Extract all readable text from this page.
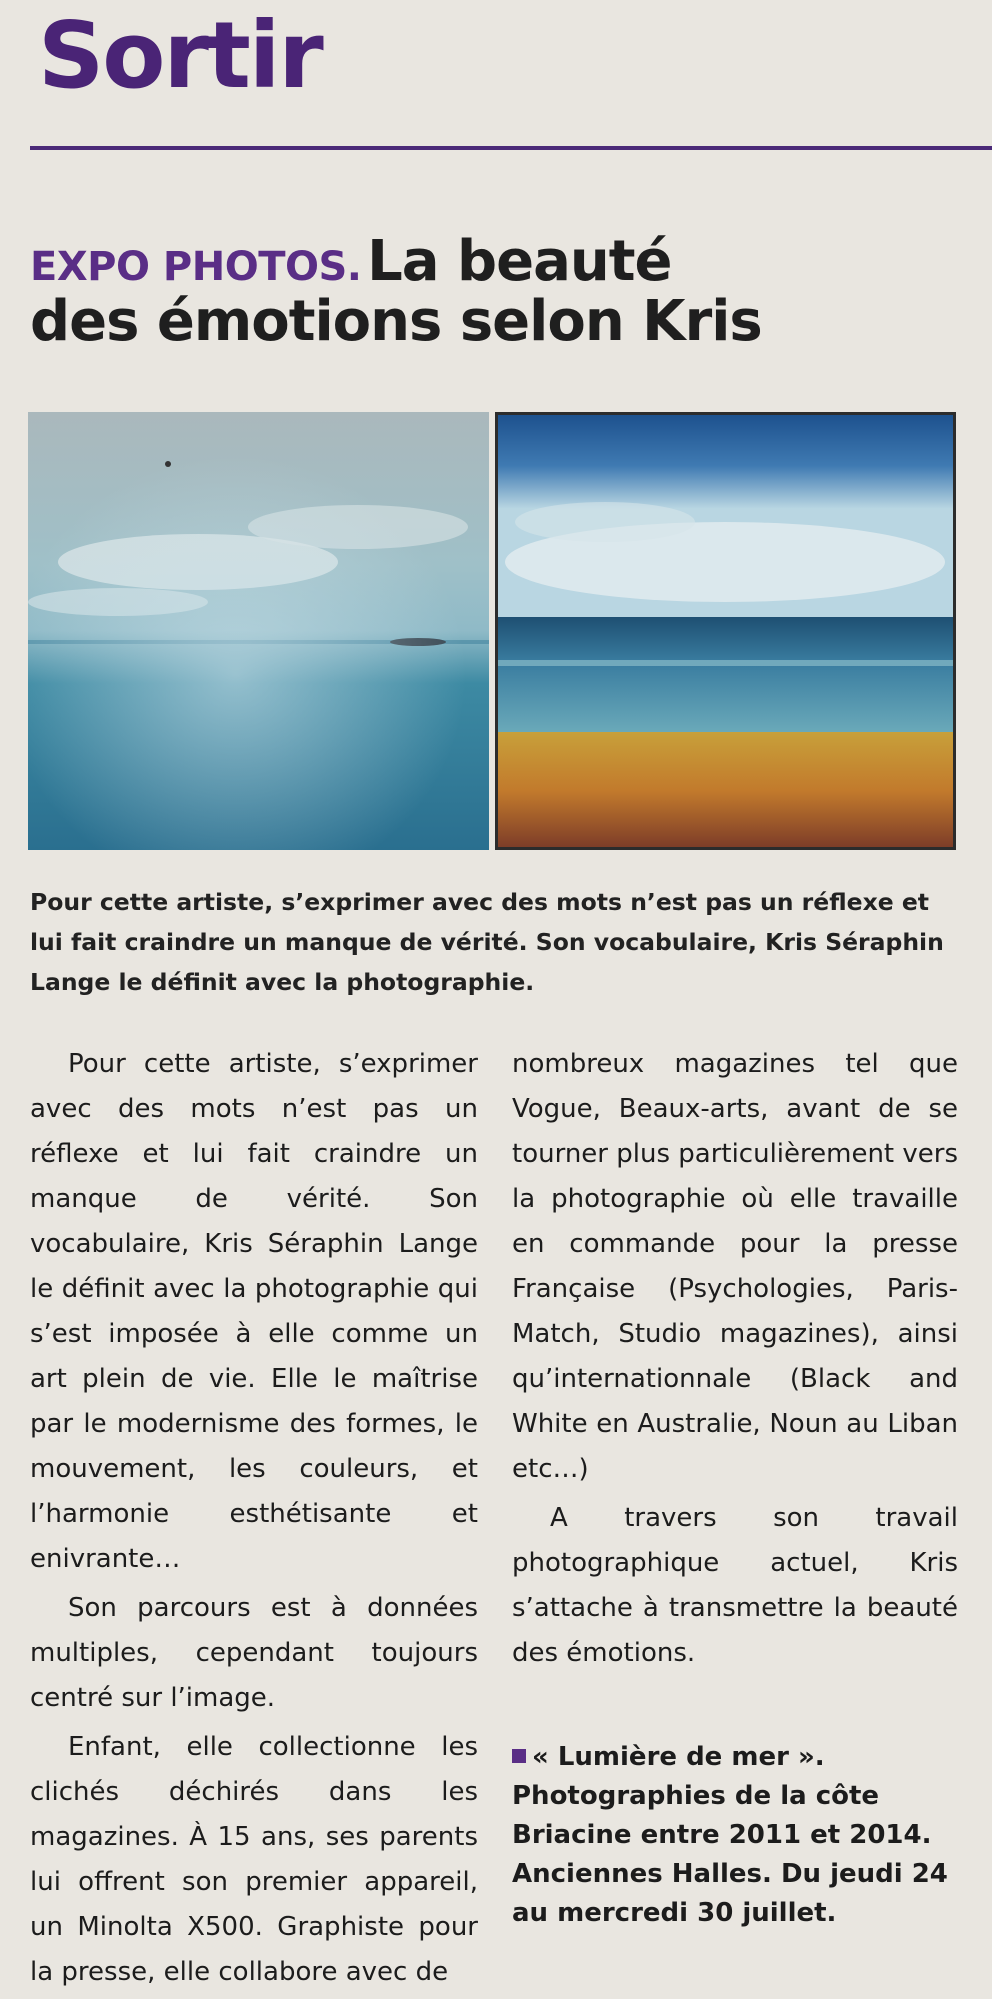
Sortir
EXPO PHOTOS. La beauté
des émotions selon Kris
Pour cette artiste, s’exprimer avec des mots n’est pas un réflexe et lui fait craindre un manque de vérité. Son vocabulaire, Kris Séraphin Lange le définit avec la photographie.

Pour cette artiste, s’exprimer avec des mots n’est pas un réflexe et lui fait craindre un manque de vérité. Son vocabulaire, Kris Séraphin Lange le définit avec la photographie qui s’est imposée à elle comme un art plein de vie. Elle le maîtrise par le modernisme des formes, le mouvement, les couleurs, et l’harmonie esthétisante et enivrante…

Son parcours est à données multiples, cependant toujours centré sur l’image.

Enfant, elle collectionne les clichés déchirés dans les magazines. À 15 ans, ses parents lui offrent son premier appareil, un Minolta X500. Graphiste pour la presse, elle collabore avec de

nombreux magazines tel que Vogue, Beaux-arts, avant de se tourner plus particulièrement vers la photographie où elle travaille en commande pour la presse Française (Psychologies, Paris-Match, Studio magazines), ainsi qu’internationnale (Black and White en Australie, Noun au Liban etc…)

A travers son travail photographique actuel, Kris s’attache à transmettre la beauté des émotions.

« Lumière de mer ».
Photographies de la côte Briacine entre 2011 et 2014. Anciennes Halles. Du jeudi 24 au mercredi 30 juillet.
